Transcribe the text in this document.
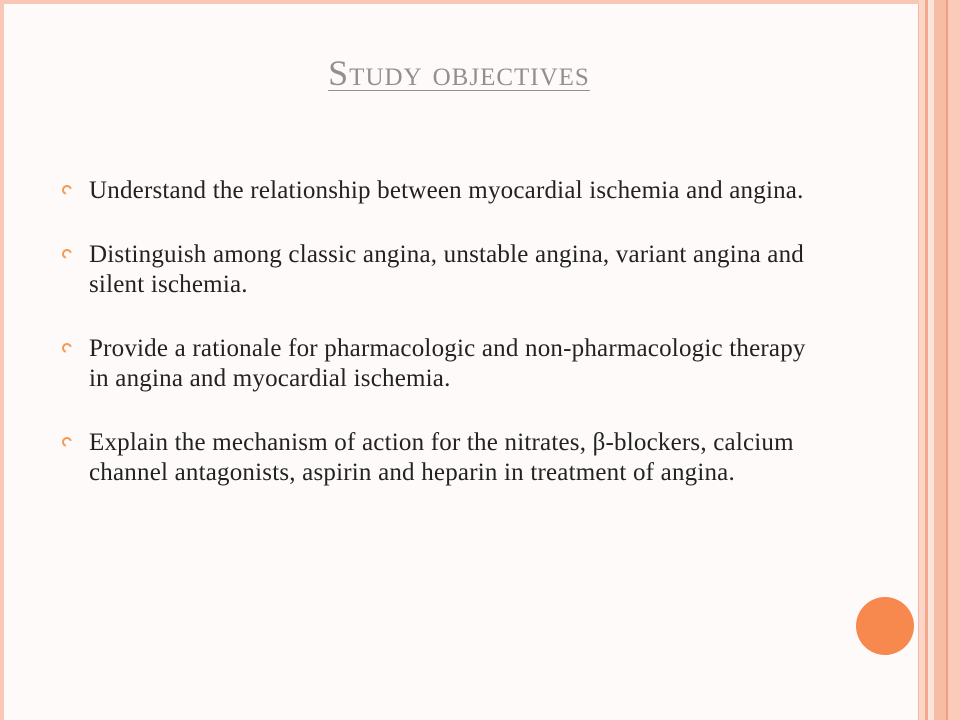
Study objectives
Understand the relationship between myocardial ischemia and angina.
Distinguish among classic angina, unstable angina, variant angina and silent ischemia.
Provide a rationale for pharmacologic and non-pharmacologic therapy in angina and myocardial ischemia.
Explain the mechanism of action for the nitrates, β-blockers, calcium channel antagonists, aspirin and heparin in treatment of angina.
